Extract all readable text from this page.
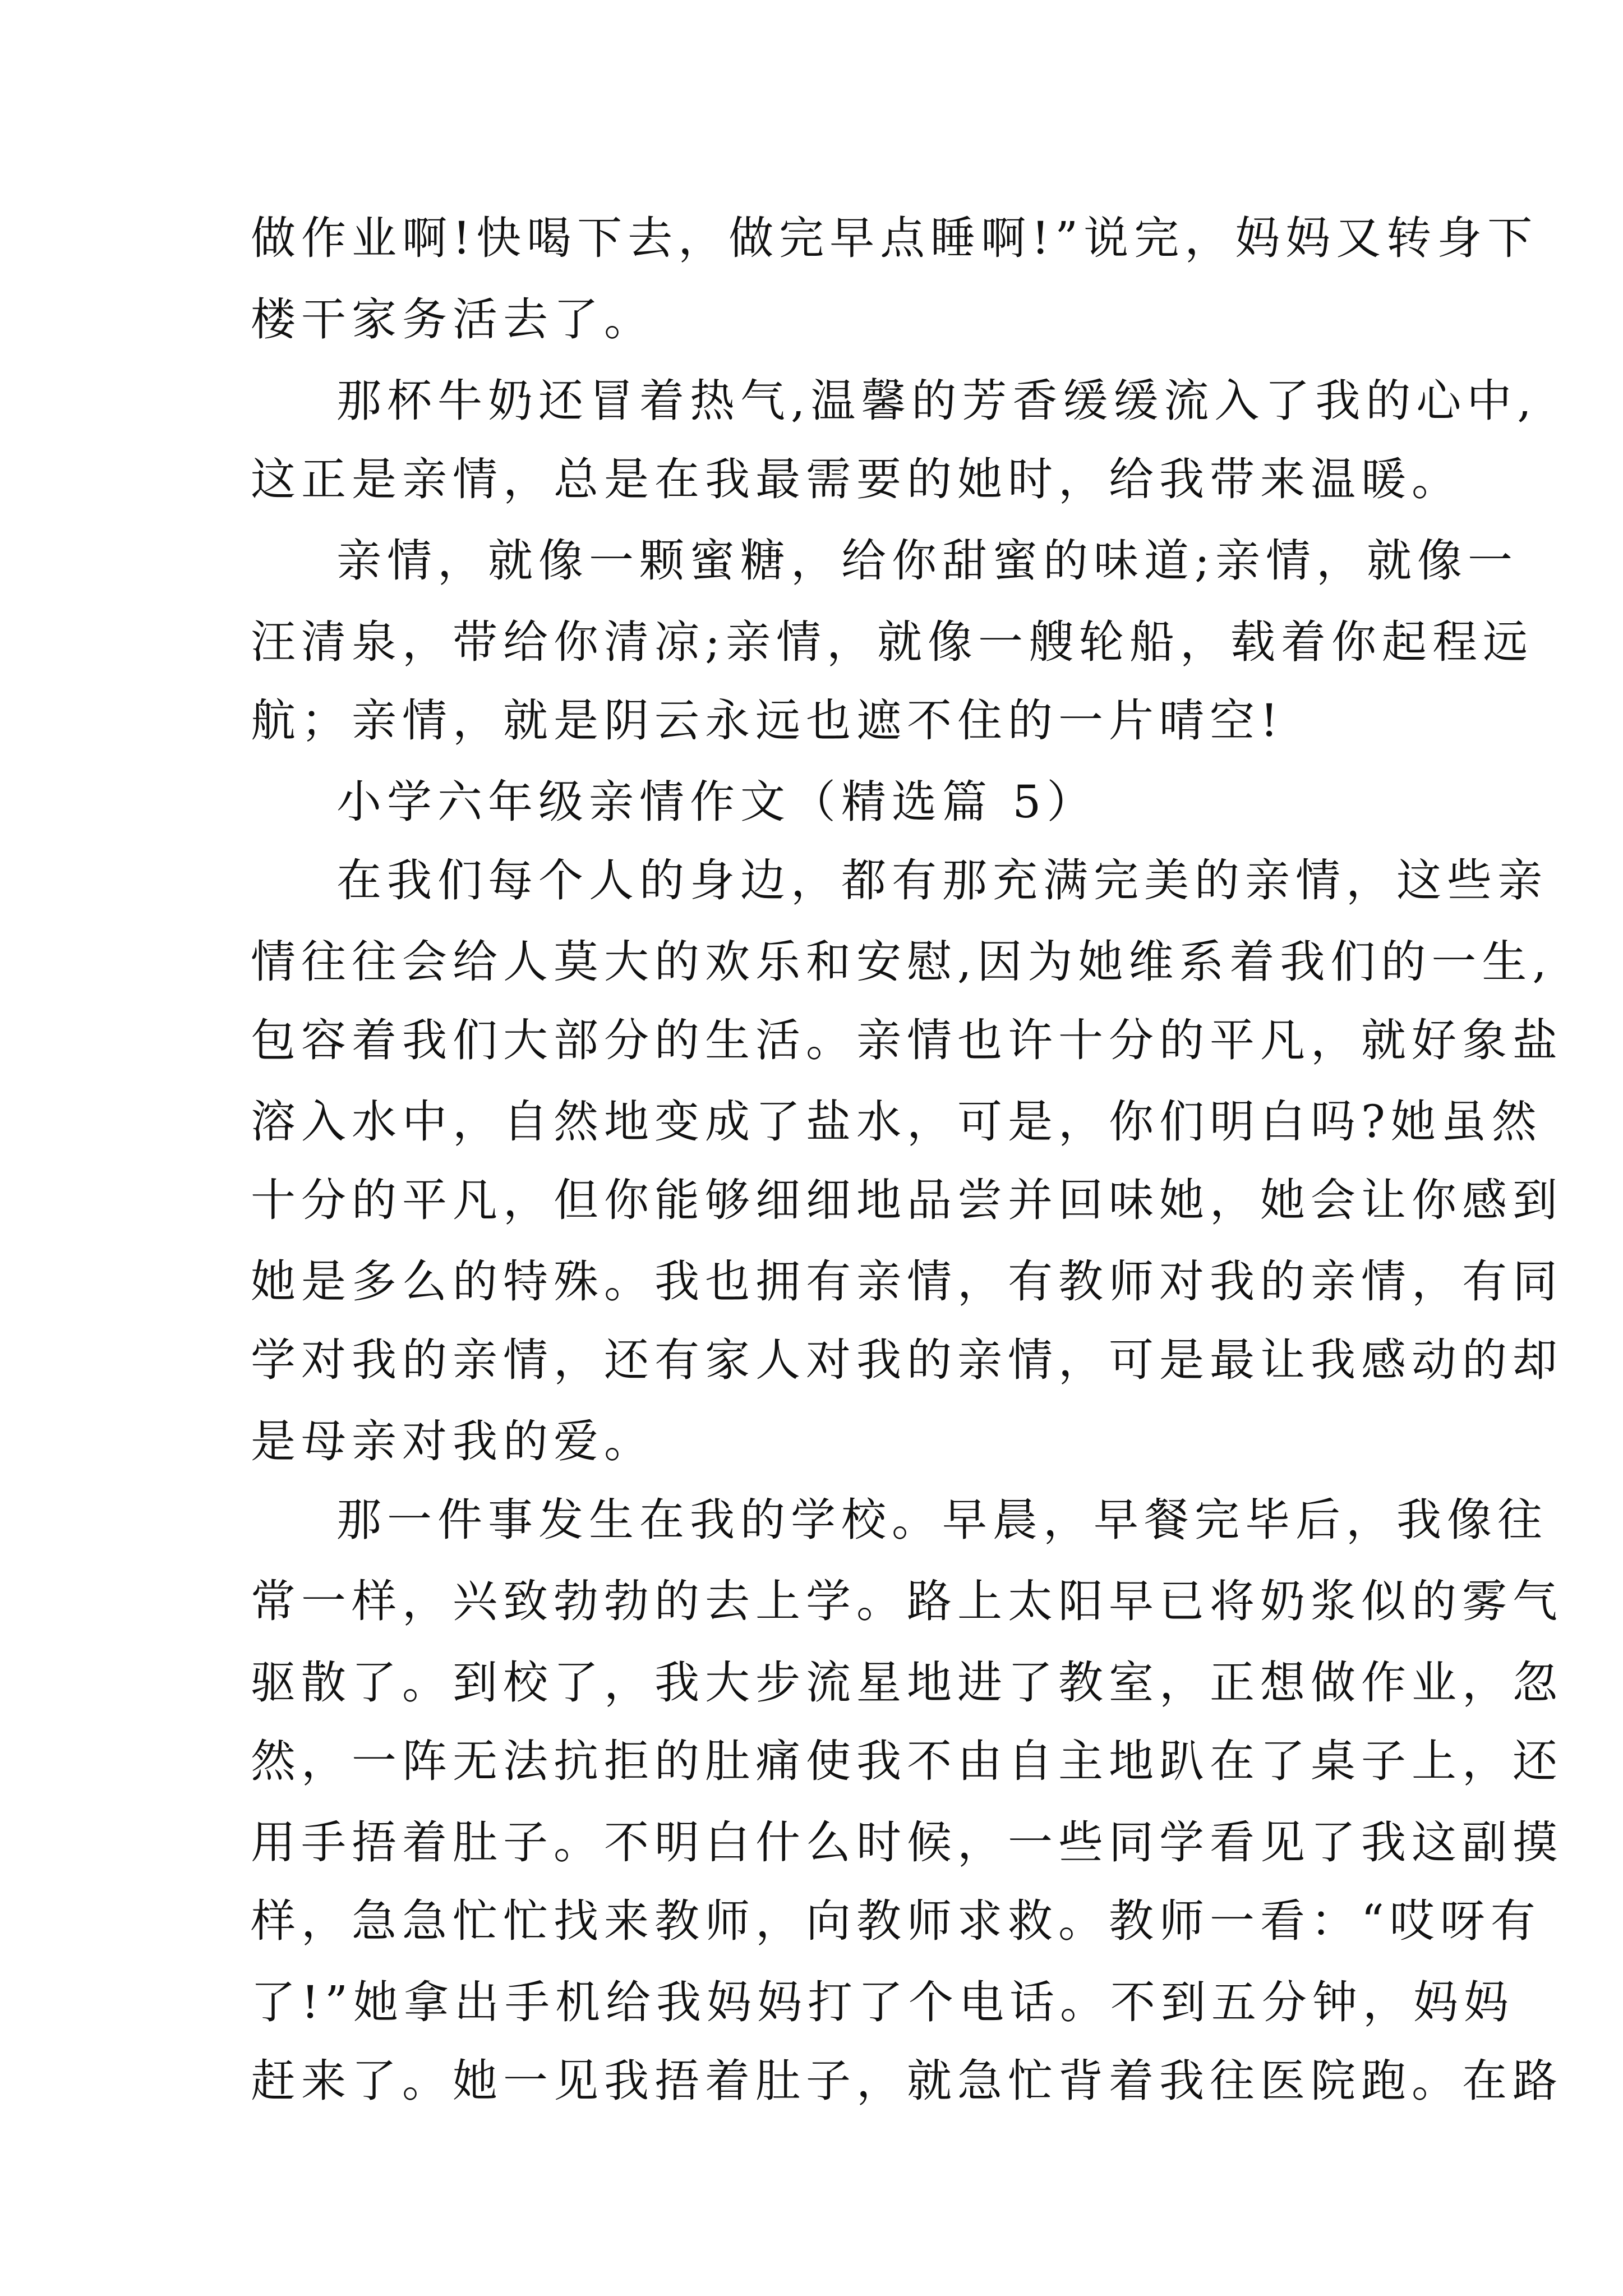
做作业啊!快喝下去，做完早点睡啊!”说完，妈妈又转身下
楼干家务活去了。
那杯牛奶还冒着热气,温馨的芳香缓缓流入了我的心中,
这正是亲情，总是在我最需要的她时，给我带来温暖。
亲情，就像一颗蜜糖，给你甜蜜的味道;亲情，就像一
汪清泉，带给你清凉;亲情，就像一艘轮船，载着你起程远
航；亲情，就是阴云永远也遮不住的一片晴空!
小学六年级亲情作文（精选篇 5）
在我们每个人的身边，都有那充满完美的亲情，这些亲
情往往会给人莫大的欢乐和安慰,因为她维系着我们的一生,
包容着我们大部分的生活。亲情也许十分的平凡，就好象盐
溶入水中，自然地变成了盐水，可是，你们明白吗?她虽然
十分的平凡，但你能够细细地品尝并回味她，她会让你感到
她是多么的特殊。我也拥有亲情，有教师对我的亲情，有同
学对我的亲情，还有家人对我的亲情，可是最让我感动的却
是母亲对我的爱。
那一件事发生在我的学校。早晨，早餐完毕后，我像往
常一样，兴致勃勃的去上学。路上太阳早已将奶浆似的雾气
驱散了。到校了，我大步流星地进了教室，正想做作业，忽
然，一阵无法抗拒的肚痛使我不由自主地趴在了桌子上，还
用手捂着肚子。不明白什么时候，一些同学看见了我这副摸
样，急急忙忙找来教师，向教师求救。教师一看：“哎呀有
了!”她拿出手机给我妈妈打了个电话。不到五分钟，妈妈
赶来了。她一见我捂着肚子，就急忙背着我往医院跑。在路
